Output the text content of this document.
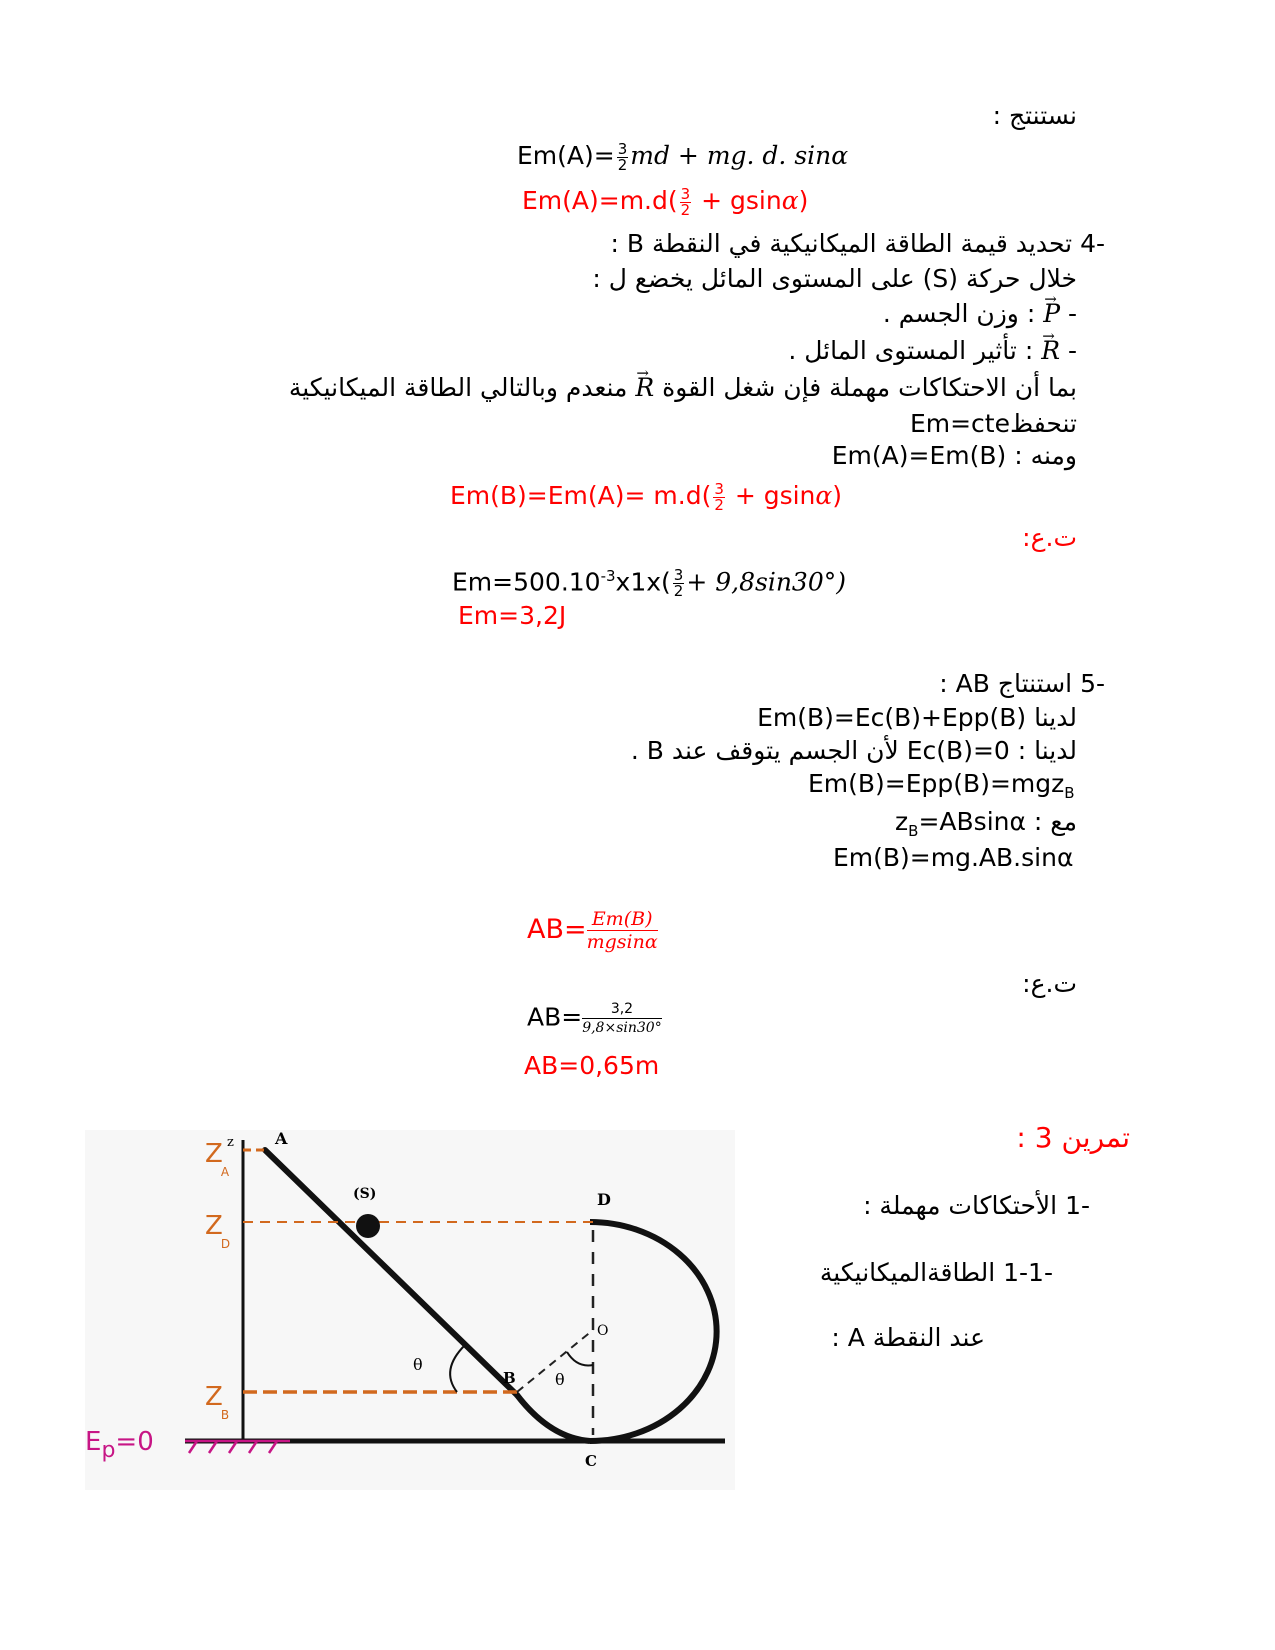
نستنتج :
$Em(A)= \frac{3}{2}$ md + mg. d. sinα
$Em(A)=m.d( \frac{3}{2} + gsin\alpha)$
-4 تحديد قيمة الطاقة الميكانيكية في النقطة B :
خلال حركة (S) على المستوى المائل يخضع ل :
- → P : وزن الجسم .
- → R : تأثير المستوى المائل .
بما أن الاحتكاكات مهملة فإن شغل القوة → R منعدم وبالتالي الطاقة الميكانيكية
تنحفظEm=cte
ومنه : Em(A)=Em(B)
$Em(B)=Em(A)= m.d( \frac{3}{2} + gsin\alpha)$
ت.ع:
$Em=500.10^{-3}x1x( \frac{3}{2} + 9,8\sin 30^\circ)$
Em=3,2J
-5 استنتاج AB :
لدينا Em(B)=Ec(B)+Epp(B)
لدينا : Ec(B)=0 لأن الجسم يتوقف عند B .
Em(B)=Epp(B)=mgz$_B$
مع : $z_B=ABsin\alpha$
Em(B)=mg.AB.sinα
$AB= \frac{Em(B)}{mgsin\alpha}$
ت.ع:
$AB= \frac{3,2}{9,8\times\sin 30^\circ}$
AB=0,65m
تمرين 3 :
-1 الأحتكاكات مهملة :
-1-1 الطاقةالميكانيكية
عند النقطة A :
z
$E_p=0$
A
(S)	D
O
B
C
θ
θ
Z A
Z D
Z B
